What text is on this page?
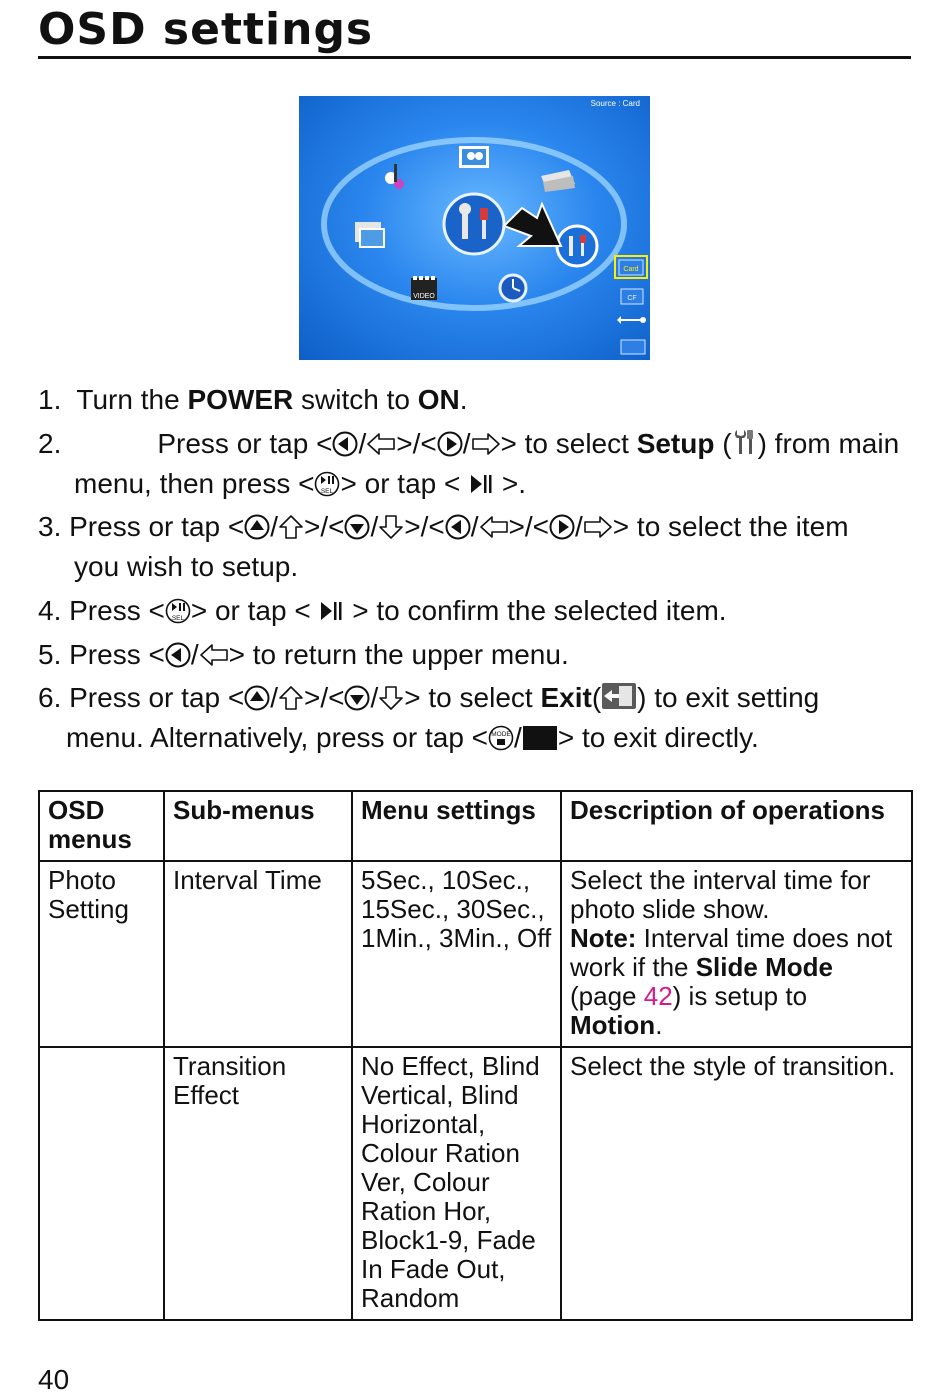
OSD settings
Source : Card
VIDEO
Card
CF

1. Turn the POWER switch to ON.

2.	Press or tap < / >/< / > to select Setup ( ) from main

menu, then press < > or tap <  >.

3. Press or tap < / >/< / >/< / >/< / > to select the item

you wish to setup.

4. Press < > or tap <  > to confirm the selected item.

5. Press < / > to return the upper menu.

6. Press or tap < / >/< / > to select Exit( ) to exit setting

menu. Alternatively, press or tap < / > to exit directly.

OSD menus	Sub-menus	Menu settings	Description of operations
Photo Setting	Interval Time	5Sec., 10Sec., 15Sec., 30Sec., 1Min., 3Min., Off	Select the interval time for photo slide show.
Note: Interval time does not work if the Slide Mode (page 42) is setup to Motion.
	Transition Effect	No Effect, Blind Vertical, Blind Horizontal, Colour Ration Ver, Colour Ration Hor, Block1-9, Fade In Fade Out, Random	Select the style of transition.
40
